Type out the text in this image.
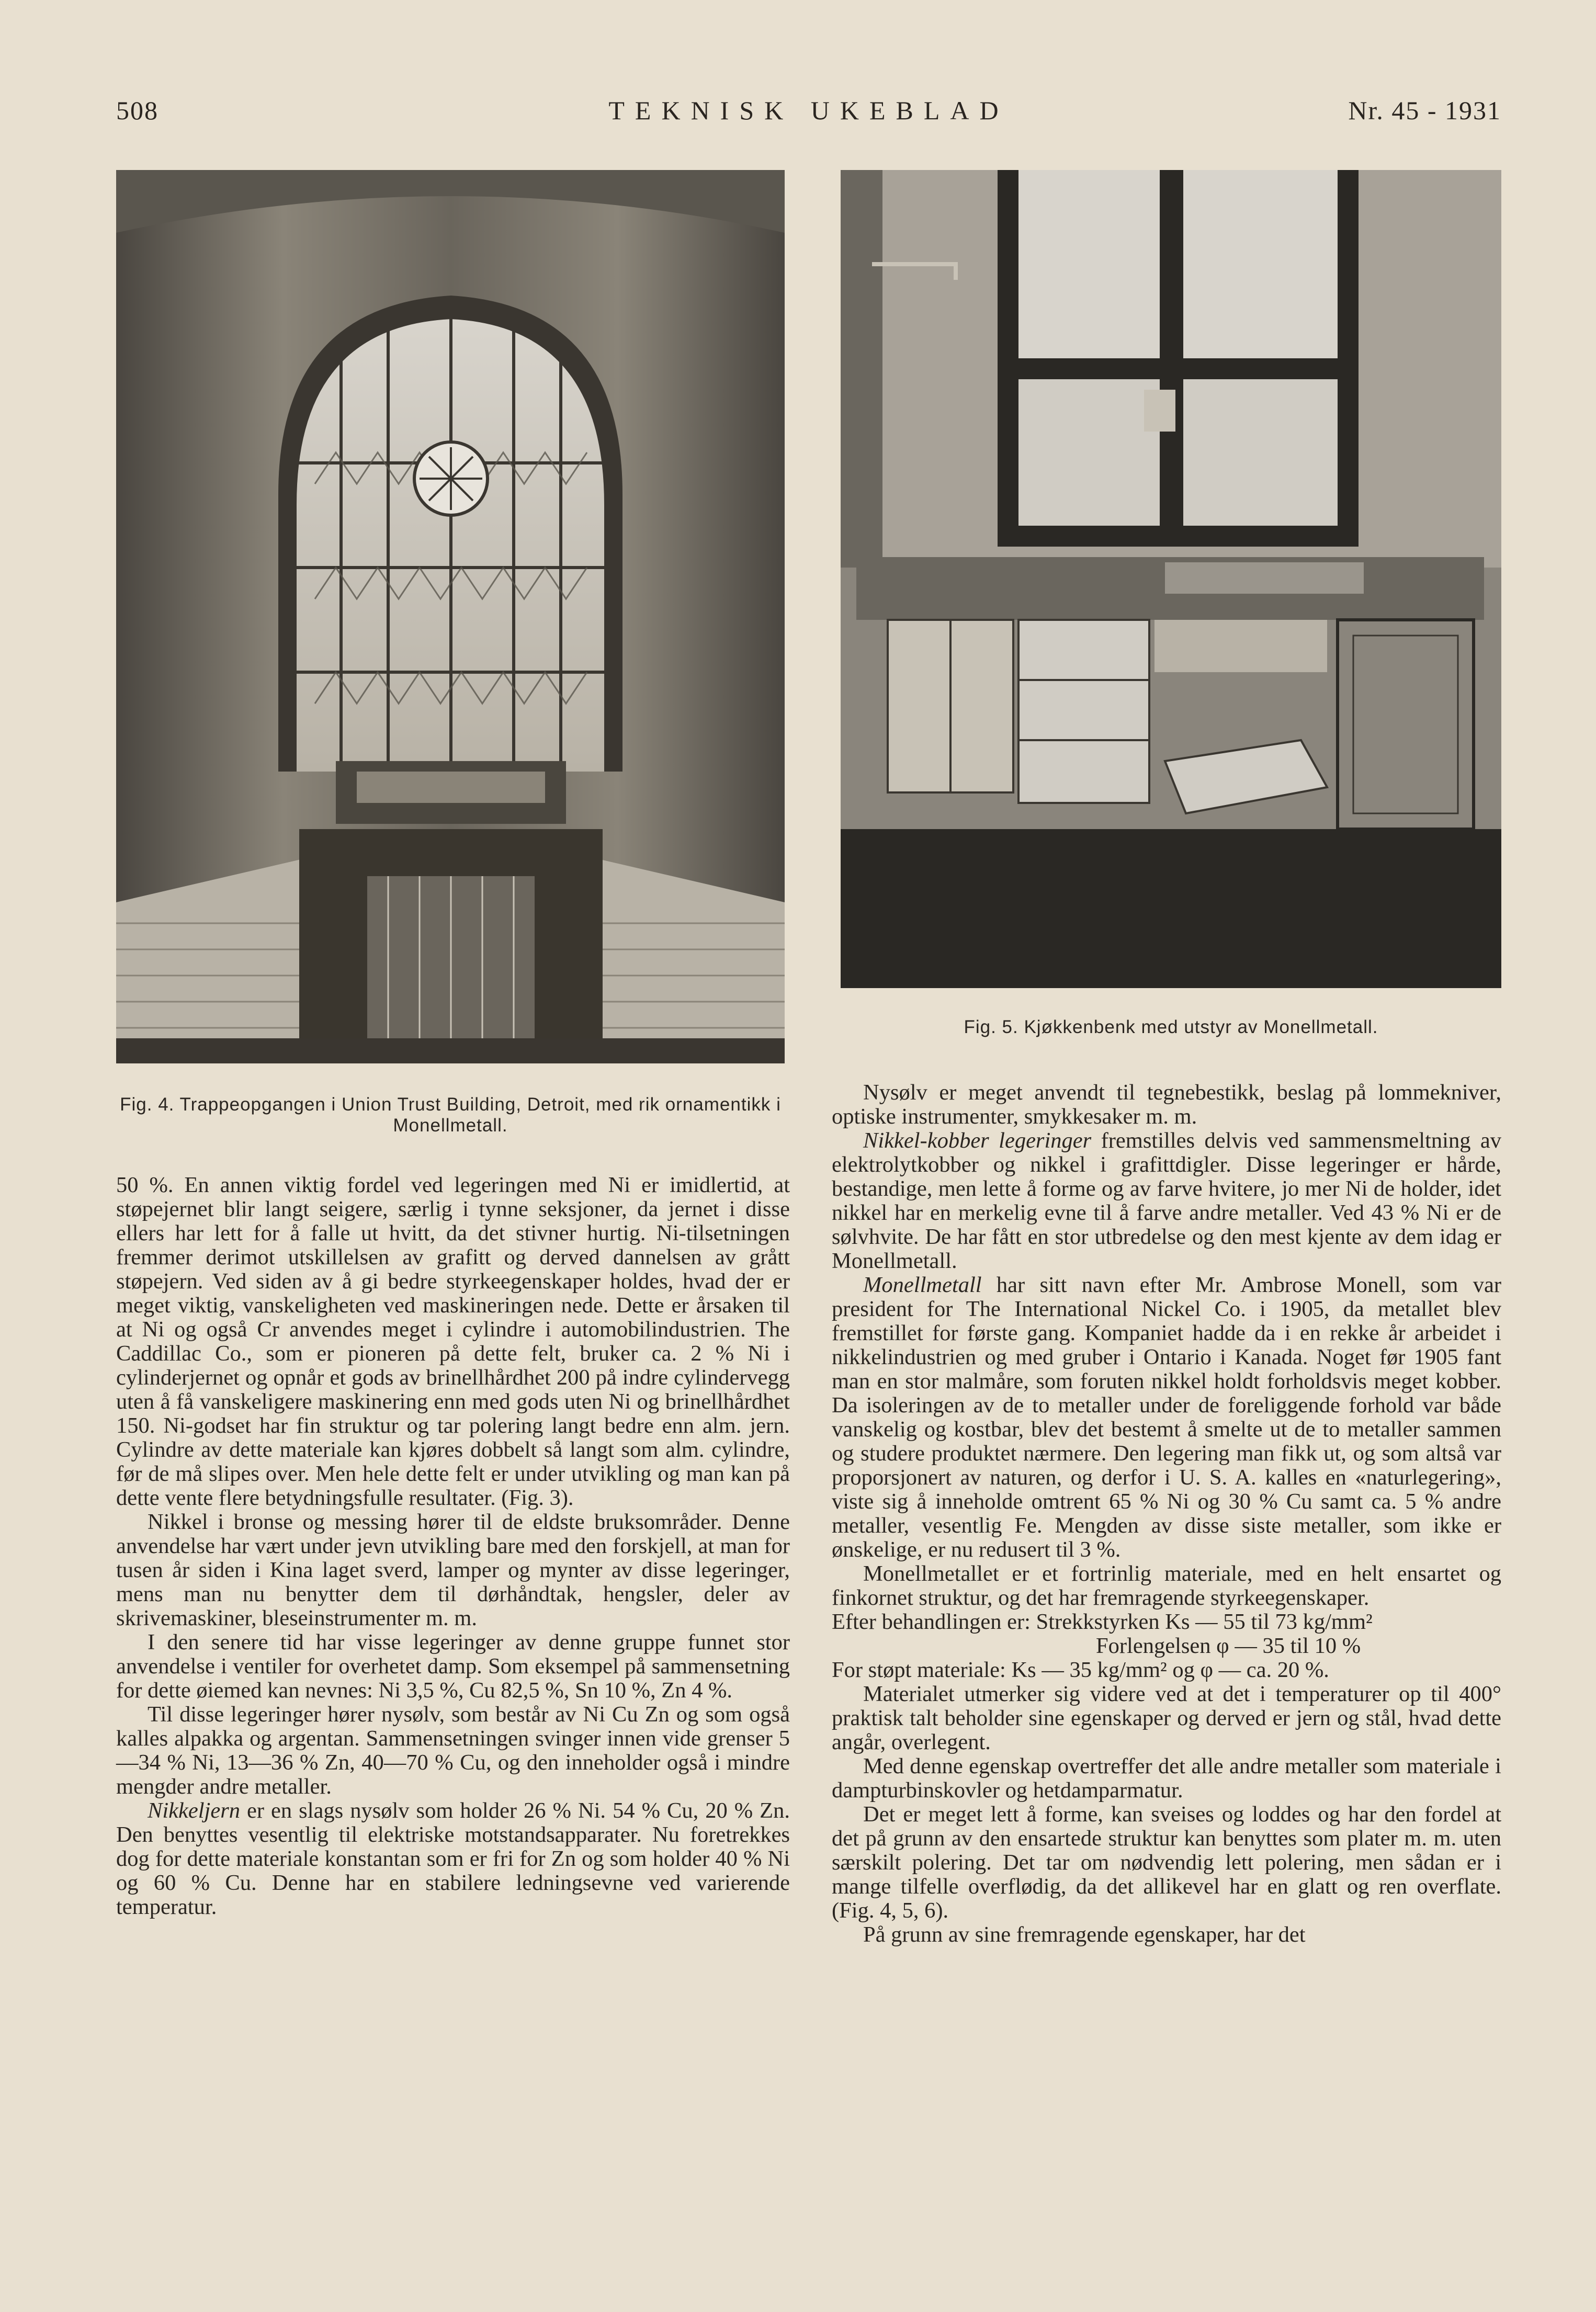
508	TEKNISK UKEBLAD	Nr. 45 - 1931
Fig. 4. Trappeopgangen i Union Trust Building, Detroit, med rik ornamentikk i Monellmetall.
Fig. 5. Kjøkkenbenk med utstyr av Monellmetall.

50 %. En annen viktig fordel ved legeringen med Ni er imidlertid, at støpejernet blir langt seigere, særlig i tynne seksjoner, da jernet i disse ellers har lett for å falle ut hvitt, da det stivner hurtig. Ni-tilsetningen fremmer derimot utskillelsen av grafitt og derved dannelsen av grått støpejern. Ved siden av å gi bedre styrkeegenskaper holdes, hvad der er meget viktig, vanskeligheten ved maskineringen nede. Dette er årsaken til at Ni og også Cr anvendes meget i cylindre i automobilindustrien. The Caddillac Co., som er pioneren på dette felt, bruker ca. 2 % Ni i cylinderjernet og opnår et gods av brinellhårdhet 200 på indre cylindervegg uten å få vanskeligere maskinering enn med gods uten Ni og brinellhårdhet 150. Ni-godset har fin struktur og tar polering langt bedre enn alm. jern. Cylindre av dette materiale kan kjøres dobbelt så langt som alm. cylindre, før de må slipes over. Men hele dette felt er under utvikling og man kan på dette vente flere betydningsfulle resultater. (Fig. 3).

Nikkel i bronse og messing hører til de eldste bruksområder. Denne anvendelse har vært under jevn utvikling bare med den forskjell, at man for tusen år siden i Kina laget sverd, lamper og mynter av disse legeringer, mens man nu benytter dem til dørhåndtak, hengsler, deler av skrivemaskiner, bleseinstrumenter m. m.

I den senere tid har visse legeringer av denne gruppe funnet stor anvendelse i ventiler for overhetet damp. Som eksempel på sammensetning for dette øiemed kan nevnes: Ni 3,5 %, Cu 82,5 %, Sn 10 %, Zn 4 %.

Til disse legeringer hører nysølv, som består av Ni Cu Zn og som også kalles alpakka og argentan. Sammensetningen svinger innen vide grenser 5—34 % Ni, 13—36 % Zn, 40—70 % Cu, og den inneholder også i mindre mengder andre metaller.

Nikkeljern er en slags nysølv som holder 26 % Ni. 54 % Cu, 20 % Zn. Den benyttes vesentlig til elektriske motstandsapparater. Nu foretrekkes dog for dette materiale konstantan som er fri for Zn og som holder 40 % Ni og 60 % Cu. Denne har en stabilere ledningsevne ved varierende temperatur.

Nysølv er meget anvendt til tegnebestikk, beslag på lommekniver, optiske instrumenter, smykkesaker m. m.

Nikkel-kobber legeringer fremstilles delvis ved sammensmeltning av elektrolytkobber og nikkel i grafittdigler. Disse legeringer er hårde, bestandige, men lette å forme og av farve hvitere, jo mer Ni de holder, idet nikkel har en merkelig evne til å farve andre metaller. Ved 43 % Ni er de sølvhvite. De har fått en stor utbredelse og den mest kjente av dem idag er Monellmetall.

Monellmetall har sitt navn efter Mr. Ambrose Monell, som var president for The International Nickel Co. i 1905, da metallet blev fremstillet for første gang. Kompaniet hadde da i en rekke år arbeidet i nikkelindustrien og med gruber i Ontario i Kanada. Noget før 1905 fant man en stor malmåre, som foruten nikkel holdt forholdsvis meget kobber. Da isoleringen av de to metaller under de foreliggende forhold var både vanskelig og kostbar, blev det bestemt å smelte ut de to metaller sammen og studere produktet nærmere. Den legering man fikk ut, og som altså var proporsjonert av naturen, og derfor i U. S. A. kalles en «naturlegering», viste sig å inneholde omtrent 65 % Ni og 30 % Cu samt ca. 5 % andre metaller, vesentlig Fe. Mengden av disse siste metaller, som ikke er ønskelige, er nu redusert til 3 %.

Monellmetallet er et fortrinlig materiale, med en helt ensartet og finkornet struktur, og det har fremragende styrkeegenskaper.

Efter behandlingen er: Strekkstyrken Ks — 55 til 73 kg/mm²

Forlengelsen φ — 35 til 10 %

For støpt materiale: Ks — 35 kg/mm² og φ — ca. 20 %.

Materialet utmerker sig videre ved at det i temperaturer op til 400° praktisk talt beholder sine egenskaper og derved er jern og stål, hvad dette angår, overlegent.

Med denne egenskap overtreffer det alle andre metaller som materiale i dampturbinskovler og hetdamparmatur.

Det er meget lett å forme, kan sveises og loddes og har den fordel at det på grunn av den ensartede struktur kan benyttes som plater m. m. uten særskilt polering. Det tar om nødvendig lett polering, men sådan er i mange tilfelle overflødig, da det allikevel har en glatt og ren overflate. (Fig. 4, 5, 6).

På grunn av sine fremragende egenskaper, har det
